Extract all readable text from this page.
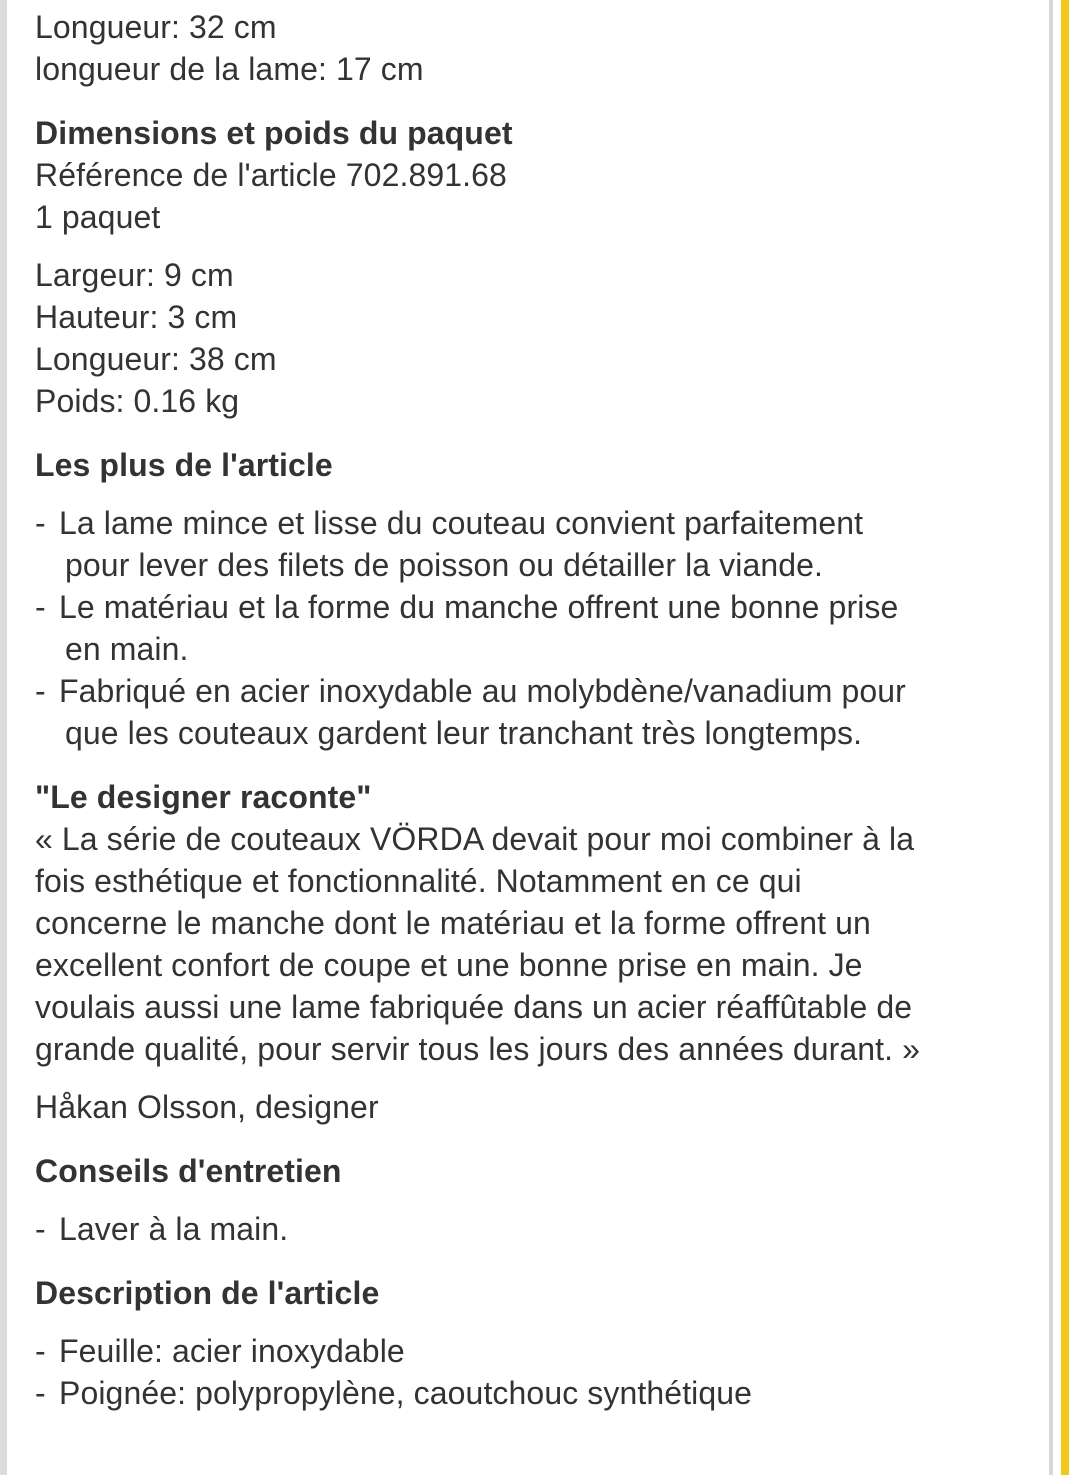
Longueur: 32 cm
longueur de la lame: 17 cm
Dimensions et poids du paquet
Référence de l'article 702.891.68
1 paquet
Largeur: 9 cm
Hauteur: 3 cm
Longueur: 38 cm
Poids: 0.16 kg
Les plus de l'article
- La lame mince et lisse du couteau convient parfaitement
pour lever des filets de poisson ou détailler la viande.
- Le matériau et la forme du manche offrent une bonne prise
en main.
- Fabriqué en acier inoxydable au molybdène/vanadium pour
que les couteaux gardent leur tranchant très longtemps.
"Le designer raconte"
« La série de couteaux VÖRDA devait pour moi combiner à la
fois esthétique et fonctionnalité. Notamment en ce qui
concerne le manche dont le matériau et la forme offrent un
excellent confort de coupe et une bonne prise en main. Je
voulais aussi une lame fabriquée dans un acier réaffûtable de
grande qualité, pour servir tous les jours des années durant. »
Håkan Olsson, designer
Conseils d'entretien
- Laver à la main.
Description de l'article
- Feuille: acier inoxydable
- Poignée: polypropylène, caoutchouc synthétique
